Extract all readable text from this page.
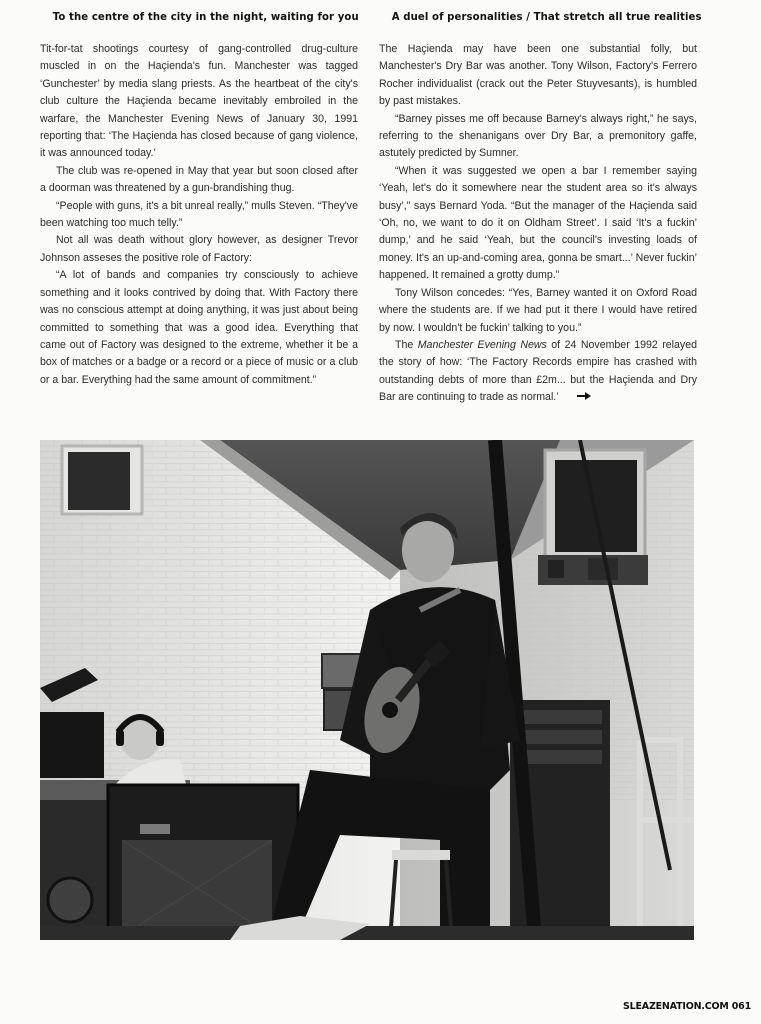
To the centre of the city in the night, waiting for you

Tit-for-tat shootings courtesy of gang-controlled drug-culture muscled in on the Haçienda's fun. Manchester was tagged ‘Gunchester’ by media slang priests. As the heartbeat of the city's club culture the Haçienda became inevitably embroiled in the warfare, the Manchester Evening News of January 30, 1991 reporting that: ‘The Haçienda has closed because of gang violence, it was announced today.’

The club was re-opened in May that year but soon closed after a doorman was threatened by a gun-brandishing thug.

“People with guns, it's a bit unreal really,” mulls Steven. “They've been watching too much telly.”

Not all was death without glory however, as designer Trevor Johnson asseses the positive role of Factory:

“A lot of bands and companies try consciously to achieve something and it looks contrived by doing that. With Factory there was no conscious attempt at doing anything, it was just about being committed to something that was a good idea. Everything that came out of Factory was designed to the extreme, whether it be a box of matches or a badge or a record or a piece of music or a club or a bar. Everything had the same amount of commitment.”

A duel of personalities / That stretch all true realities

The Haçienda may have been one substantial folly, but Manchester's Dry Bar was another. Tony Wilson, Factory's Ferrero Rocher individualist (crack out the Peter Stuyvesants), is humbled by past mistakes.

“Barney pisses me off because Barney's always right,” he says, referring to the shenanigans over Dry Bar, a premonitory gaffe, astutely predicted by Sumner.

“When it was suggested we open a bar I remember saying ‘Yeah, let's do it somewhere near the student area so it's always busy’,” says Bernard Yoda. “But the manager of the Haçienda said ‘Oh, no, we want to do it on Oldham Street’. I said ‘It's a fuckin’ dump,’ and he said ‘Yeah, but the council's investing loads of money. It's an up-and-coming area, gonna be smart...’ Never fuckin’ happened. It remained a grotty dump.”

Tony Wilson concedes: “Yes, Barney wanted it on Oxford Road where the students are. If we had put it there I would have retired by now. I wouldn't be fuckin’ talking to you.”

The Manchester Evening News of 24 November 1992 relayed the story of how: ‘The Factory Records empire has crashed with outstanding debts of more than £2m... but the Haçienda and Dry Bar are continuing to trade as normal.’

SLEAZENATION.COM 061
